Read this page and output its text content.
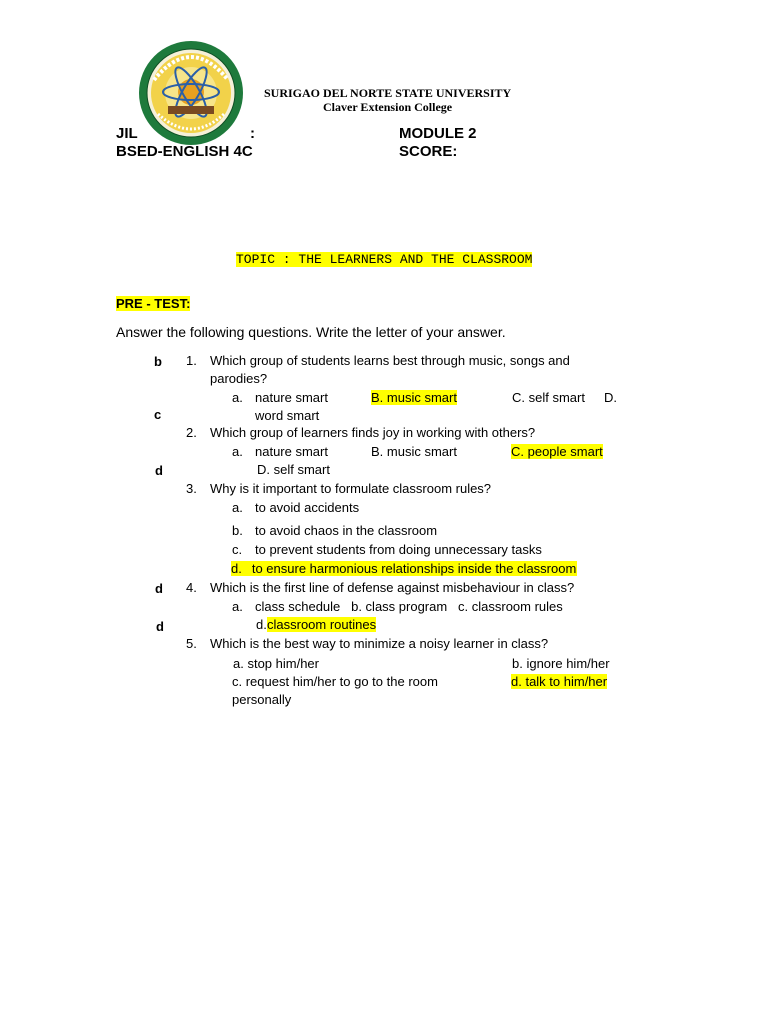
SURIGAO DEL NORTE STATE UNIVERSITY
Claver Extension College
JIL	:
BSED-ENGLISH 4C
MODULE 2
SCORE:
TOPIC : THE LEARNERS AND THE CLASSROOM
PRE - TEST:
Answer the following questions. Write the letter of your answer.
b
c
d
d
d
1. Which group of students learns best through music, songs and
parodies?
a. nature smart	B. music smart	C. self smart D.
word smart
2. Which group of learners finds joy in working with others?
a. nature smart	B. music smart	C. people smart
D. self smart
3. Why is it important to formulate classroom rules?
a. to avoid accidents
b. to avoid chaos in the classroom
c. to prevent students from doing unnecessary tasks
d. to ensure harmonious relationships inside the classroom
4. Which is the first line of defense against misbehaviour in class?
a. class schedule   b. class program   c. classroom rules
d. classroom routines
5. Which is the best way to minimize a noisy learner in class?
a. stop him/her	b. ignore him/her
c. request him/her to go to the room	d. talk to him/her
personally
